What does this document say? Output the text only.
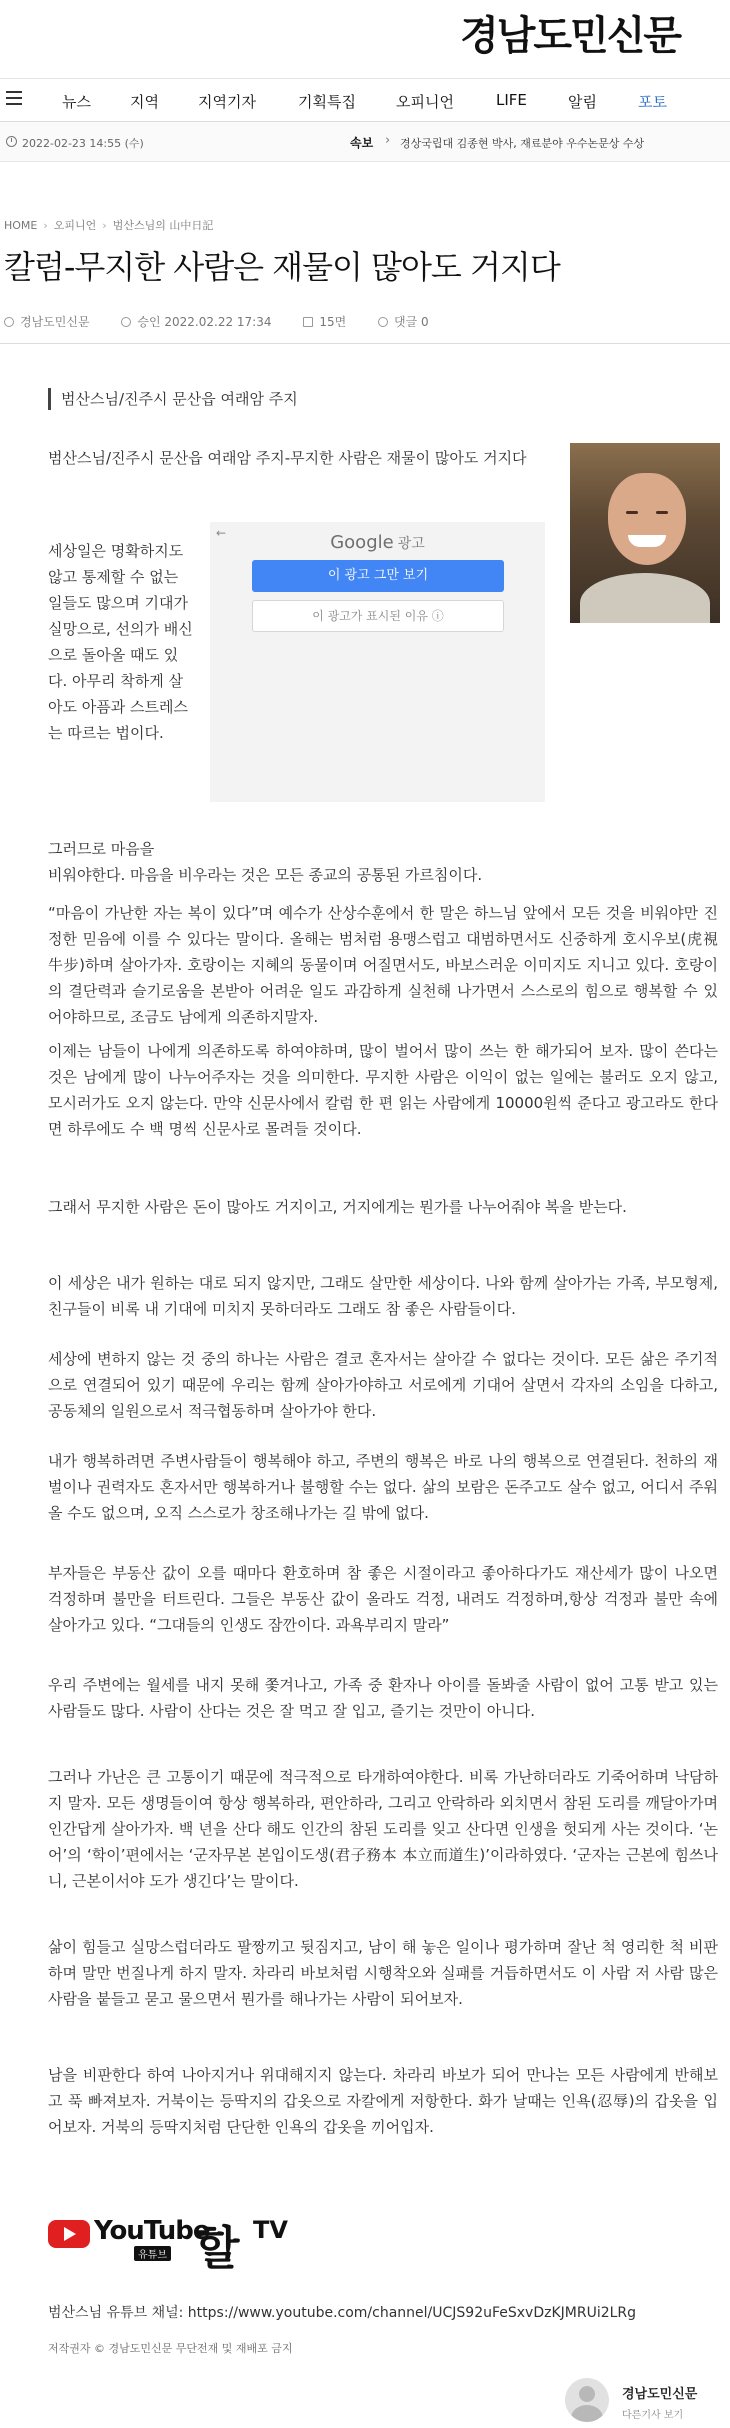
경남도민신문
뉴스	지역	지역기자	기획특집	오피니언	LIFE	알림	포토
2022-02-23 14:55 (수)	속보 › 경상국립대 김종현 박사, 재료분야 우수논문상 수상
HOME › 오피니언 › 범산스님의 山中日記
칼럼-무지한 사람은 재물이 많아도 거지다
경남도민신문	승인 2022.02.22 17:34	15면	댓글 0
범산스님/진주시 문산읍 여래암 주지
범산스님/진주시 문산읍 여래암 주지-무지한 사람은 재물이 많아도 거지다
세상일은 명확하지도 않고 통제할 수 없는 일들도 많으며 기대가 실망으로, 선의가 배신으로 돌아올 때도 있다. 아무리 착하게 살아도 아픔과 스트레스는 따르는 법이다.
←	Google 광고
이 광고 그만 보기
이 광고가 표시된 이유 ⓘ
그러므로 마음을
비워야한다. 마음을 비우라는 것은 모든 종교의 공통된 가르침이다.
“마음이 가난한 자는 복이 있다”며 예수가 산상수훈에서 한 말은 하느님 앞에서 모든 것을 비워야만 진정한 믿음에 이를 수 있다는 말이다. 올해는 범처럼 용맹스럽고 대범하면서도 신중하게 호시우보(虎視牛步)하며 살아가자. 호랑이는 지혜의 동물이며 어질면서도, 바보스러운 이미지도 지니고 있다. 호랑이의 결단력과 슬기로움을 본받아 어려운 일도 과감하게 실천해 나가면서 스스로의 힘으로 행복할 수 있어야하므로, 조금도 남에게 의존하지말자.
이제는 남들이 나에게 의존하도록 하여야하며, 많이 벌어서 많이 쓰는 한 해가되어 보자. 많이 쓴다는 것은 남에게 많이 나누어주자는 것을 의미한다. 무지한 사람은 이익이 없는 일에는 불러도 오지 않고, 모시러가도 오지 않는다. 만약 신문사에서 칼럼 한 편 읽는 사람에게 10000원씩 준다고 광고라도 한다면 하루에도 수 백 명씩 신문사로 몰려들 것이다.
그래서 무지한 사람은 돈이 많아도 거지이고, 거지에게는 뭔가를 나누어줘야 복을 받는다.
이 세상은 내가 원하는 대로 되지 않지만, 그래도 살만한 세상이다. 나와 함께 살아가는 가족, 부모형제, 친구들이 비록 내 기대에 미치지 못하더라도 그래도 참 좋은 사람들이다.
세상에 변하지 않는 것 중의 하나는 사람은 결코 혼자서는 살아갈 수 없다는 것이다. 모든 삶은 주기적으로 연결되어 있기 때문에 우리는 함께 살아가야하고 서로에게 기대어 살면서 각자의 소임을 다하고, 공동체의 일원으로서 적극협동하며 살아가야 한다.
내가 행복하려면 주변사람들이 행복해야 하고, 주변의 행복은 바로 나의 행복으로 연결된다. 천하의 재벌이나 권력자도 혼자서만 행복하거나 불행할 수는 없다. 삶의 보람은 돈주고도 살수 없고, 어디서 주워올 수도 없으며, 오직 스스로가 창조해나가는 길 밖에 없다.
부자들은 부동산 값이 오를 때마다 환호하며 참 좋은 시절이라고 좋아하다가도 재산세가 많이 나오면 걱정하며 불만을 터트린다. 그들은 부동산 값이 올라도 걱정, 내려도 걱정하며,항상 걱정과 불만 속에 살아가고 있다. “그대들의 인생도 잠깐이다. 과욕부리지 말라”
우리 주변에는 월세를 내지 못해 쫓겨나고, 가족 중 환자나 아이를 돌봐줄 사람이 없어 고통 받고 있는 사람들도 많다. 사람이 산다는 것은 잘 먹고 잘 입고, 즐기는 것만이 아니다.
그러나 가난은 큰 고통이기 때문에 적극적으로 타개하여야한다. 비록 가난하더라도 기죽어하며 낙담하지 말자. 모든 생명들이여 항상 행복하라, 편안하라, 그리고 안락하라 외치면서 참된 도리를 깨달아가며 인간답게 살아가자. 백 년을 산다 해도 인간의 참된 도리를 잊고 산다면 인생을 헛되게 사는 것이다. ‘논어’의 ‘학이’편에서는 ‘군자무본 본입이도생(君子務本 本立而道生)’이라하였다. ‘군자는 근본에 힘쓰나니, 근본이서야 도가 생긴다’는 말이다.
삶이 힘들고 실망스럽더라도 팔짱끼고 뒷짐지고, 남이 해 놓은 일이나 평가하며 잘난 척 영리한 척 비판하며 말만 번질나게 하지 말자. 차라리 바보처럼 시행착오와 실패를 거듭하면서도 이 사람 저 사람 많은 사람을 붙들고 묻고 물으면서 뭔가를 해나가는 사람이 되어보자.
남을 비판한다 하여 나아지거나 위대해지지 않는다. 차라리 바보가 되어 만나는 모든 사람에게 반해보고 푹 빠져보자. 거북이는 등딱지의 갑옷으로 자칼에게 저항한다. 화가 날때는 인욕(忍辱)의 갑옷을 입어보자. 거북의 등딱지처럼 단단한 인욕의 갑옷을 끼어입자.
YouTube
유튜브 할 TV
범산스님 유튜브 채널: https://www.youtube.com/channel/UCJS92uFeSxvDzKJMRUi2LRg
저작권자 © 경남도민신문 무단전재 및 재배포 금지
경남도민신문
다른기사 보기
